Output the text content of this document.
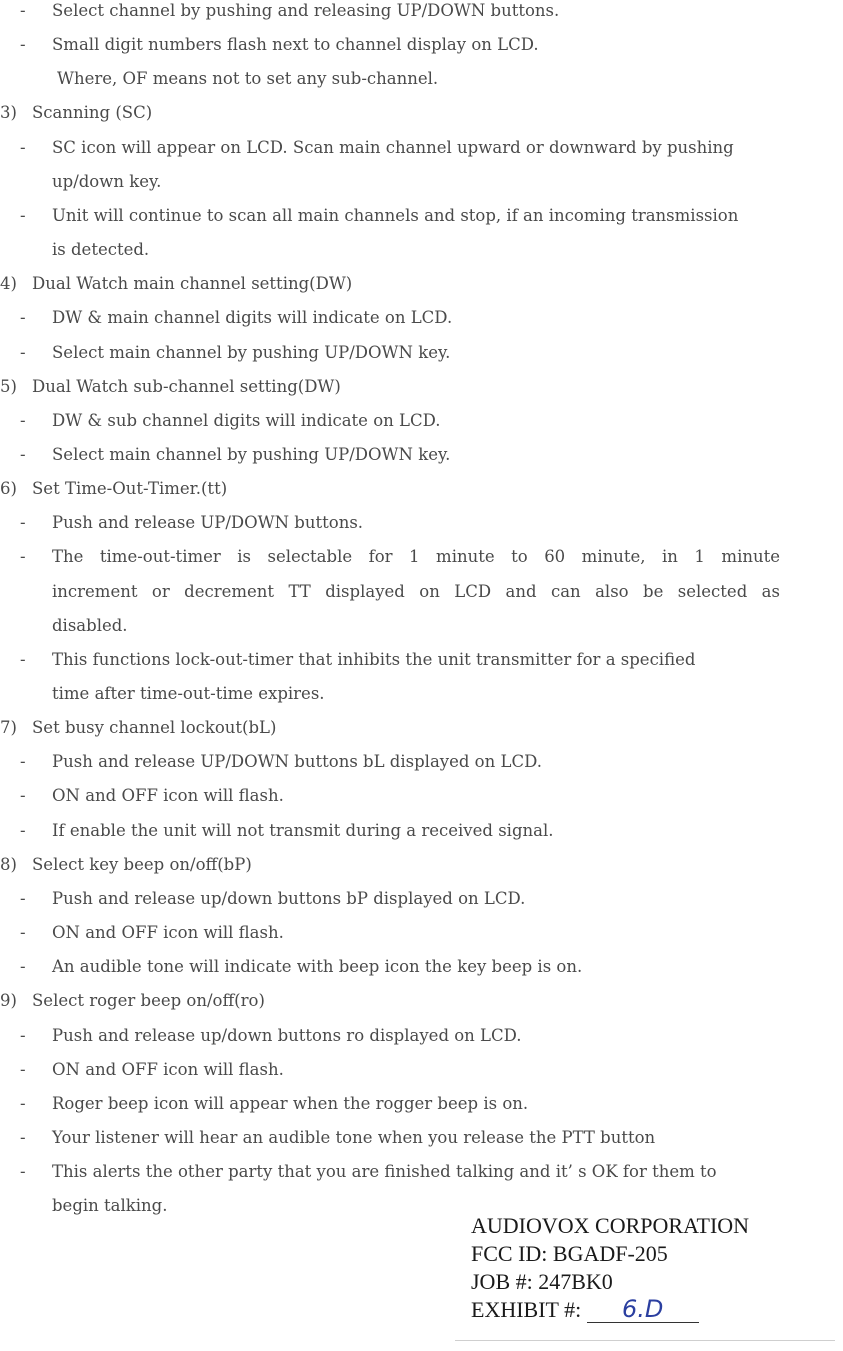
- Select channel by pushing and releasing UP/DOWN buttons.
- Small digit numbers flash next to channel display on LCD.
Where, OF means not to set any sub-channel.
3) Scanning (SC)
- SC icon will appear on LCD. Scan main channel upward or downward by pushing
up/down key.
- Unit will continue to scan all main channels and stop, if an incoming transmission
is detected.
4) Dual Watch main channel setting(DW)
- DW & main channel digits will indicate on LCD.
- Select main channel by pushing UP/DOWN key.
5) Dual Watch sub-channel setting(DW)
- DW & sub channel digits will indicate on LCD.
- Select main channel by pushing UP/DOWN key.
6) Set Time-Out-Timer.(tt)
- Push and release UP/DOWN buttons.
- The time-out-timer is selectable for 1 minute to 60 minute, in 1 minute
increment or decrement TT displayed on LCD and can also be selected as
disabled.
- This functions lock-out-timer that inhibits the unit transmitter for a specified
time after time-out-time expires.
7) Set busy channel lockout(bL)
- Push and release UP/DOWN buttons bL displayed on LCD.
- ON and OFF icon will flash.
- If enable the unit will not transmit during a received signal.
8) Select key beep on/off(bP)
- Push and release up/down buttons bP displayed on LCD.
- ON and OFF icon will flash.
- An audible tone will indicate with beep icon the key beep is on.
9) Select roger beep on/off(ro)
- Push and release up/down buttons ro displayed on LCD.
- ON and OFF icon will flash.
- Roger beep icon will appear when the rogger beep is on.
- Your listener will hear an audible tone when you release the PTT button
- This alerts the other party that you are finished talking and it’ s OK for them to
begin talking.
AUDIOVOX CORPORATION
FCC ID: BGADF-205
JOB #: 247BK0
EXHIBIT #: 6.D
